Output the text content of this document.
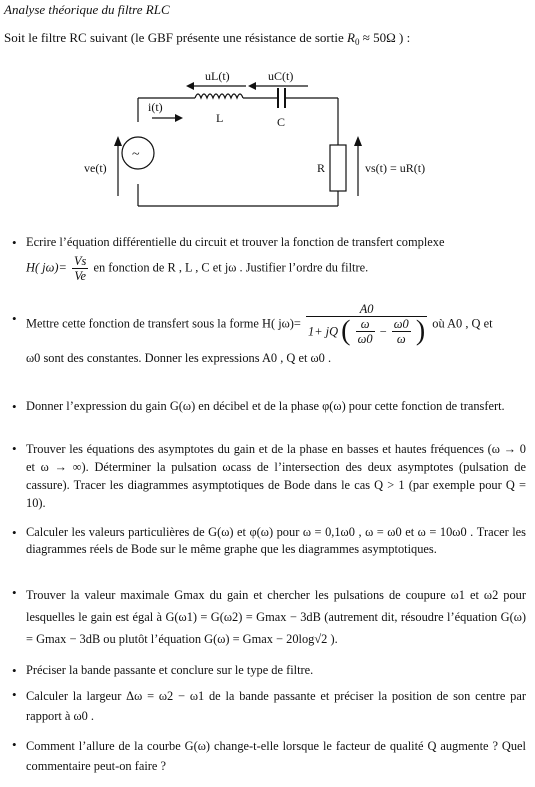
Analyse théorique du filtre RLC
Soit le filtre RC suivant (le GBF présente une résistance de sortie $R_0 \approx 50\Omega$ ) :
uL(t)	uC(t)
i(t)
L	C
R
ve(t)	vs(t) = uR(t)
~
• Ecrire l’équation différentielle du circuit et trouver la fonction de transfert complexe
H( $j\omega)= \frac{Vs}{Ve}$ en fonction de R , L , C et jω . Justifier l’ordre du filtre.
• Mettre cette fonction de transfert sous la forme H( jω)=
A0
1+ jQ ( $\frac{\omega}{\omega 0} - \frac{\omega 0}{\omega}$ ) où A0 , Q et
ω0 sont des constantes. Donner les expressions A0 , Q et ω0 .
• Donner l’expression du gain G(ω) en décibel et de la phase φ(ω) pour cette fonction de transfert.
• Trouver les équations des asymptotes du gain et de la phase en basses et hautes fréquences (ω → 0 et ω → ∞). Déterminer la pulsation ωcass de l’intersection des deux asymptotes (pulsation de cassure). Tracer les diagrammes asymptotiques de Bode dans le cas Q > 1 (par exemple pour Q = 10).
• Calculer les valeurs particulières de G(ω) et φ(ω) pour ω = 0,1ω0 , ω = ω0 et ω = 10ω0 . Tracer les diagrammes réels de Bode sur le même graphe que les diagrammes asymptotiques.
• Trouver la valeur maximale Gmax du gain et chercher les pulsations de coupure ω1 et ω2 pour lesquelles le gain est égal à G(ω1) = G(ω2) = Gmax − 3dB (autrement dit, résoudre l’équation G(ω) = Gmax − 3dB ou plutôt l’équation G(ω) = Gmax − 20log√2 ).
• Préciser la bande passante et conclure sur le type de filtre.
• Calculer la largeur Δω = ω2 − ω1 de la bande passante et préciser la position de son centre par rapport à ω0 .
• Comment l’allure de la courbe G(ω) change-t-elle lorsque le facteur de qualité Q augmente ? Quel commentaire peut-on faire ?
